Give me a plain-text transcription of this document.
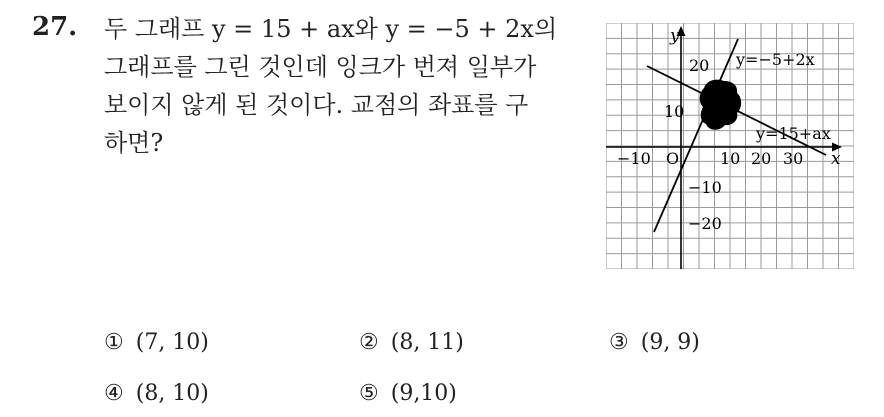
27. 두 그래프 y = 15 + ax와 y = −5 + 2x의
그래프를 그린 것인데 잉크가 번져 일부가
보이지 않게 된 것이다. 교점의 좌표를 구
하면?
y
x
O
−10	10 20 30
20
10
−10
−20
y=−5+2x
y=15+ax
① (7, 10)	② (8, 11)	③ (9, 9)
④ (8, 10)	⑤ (9,10)
